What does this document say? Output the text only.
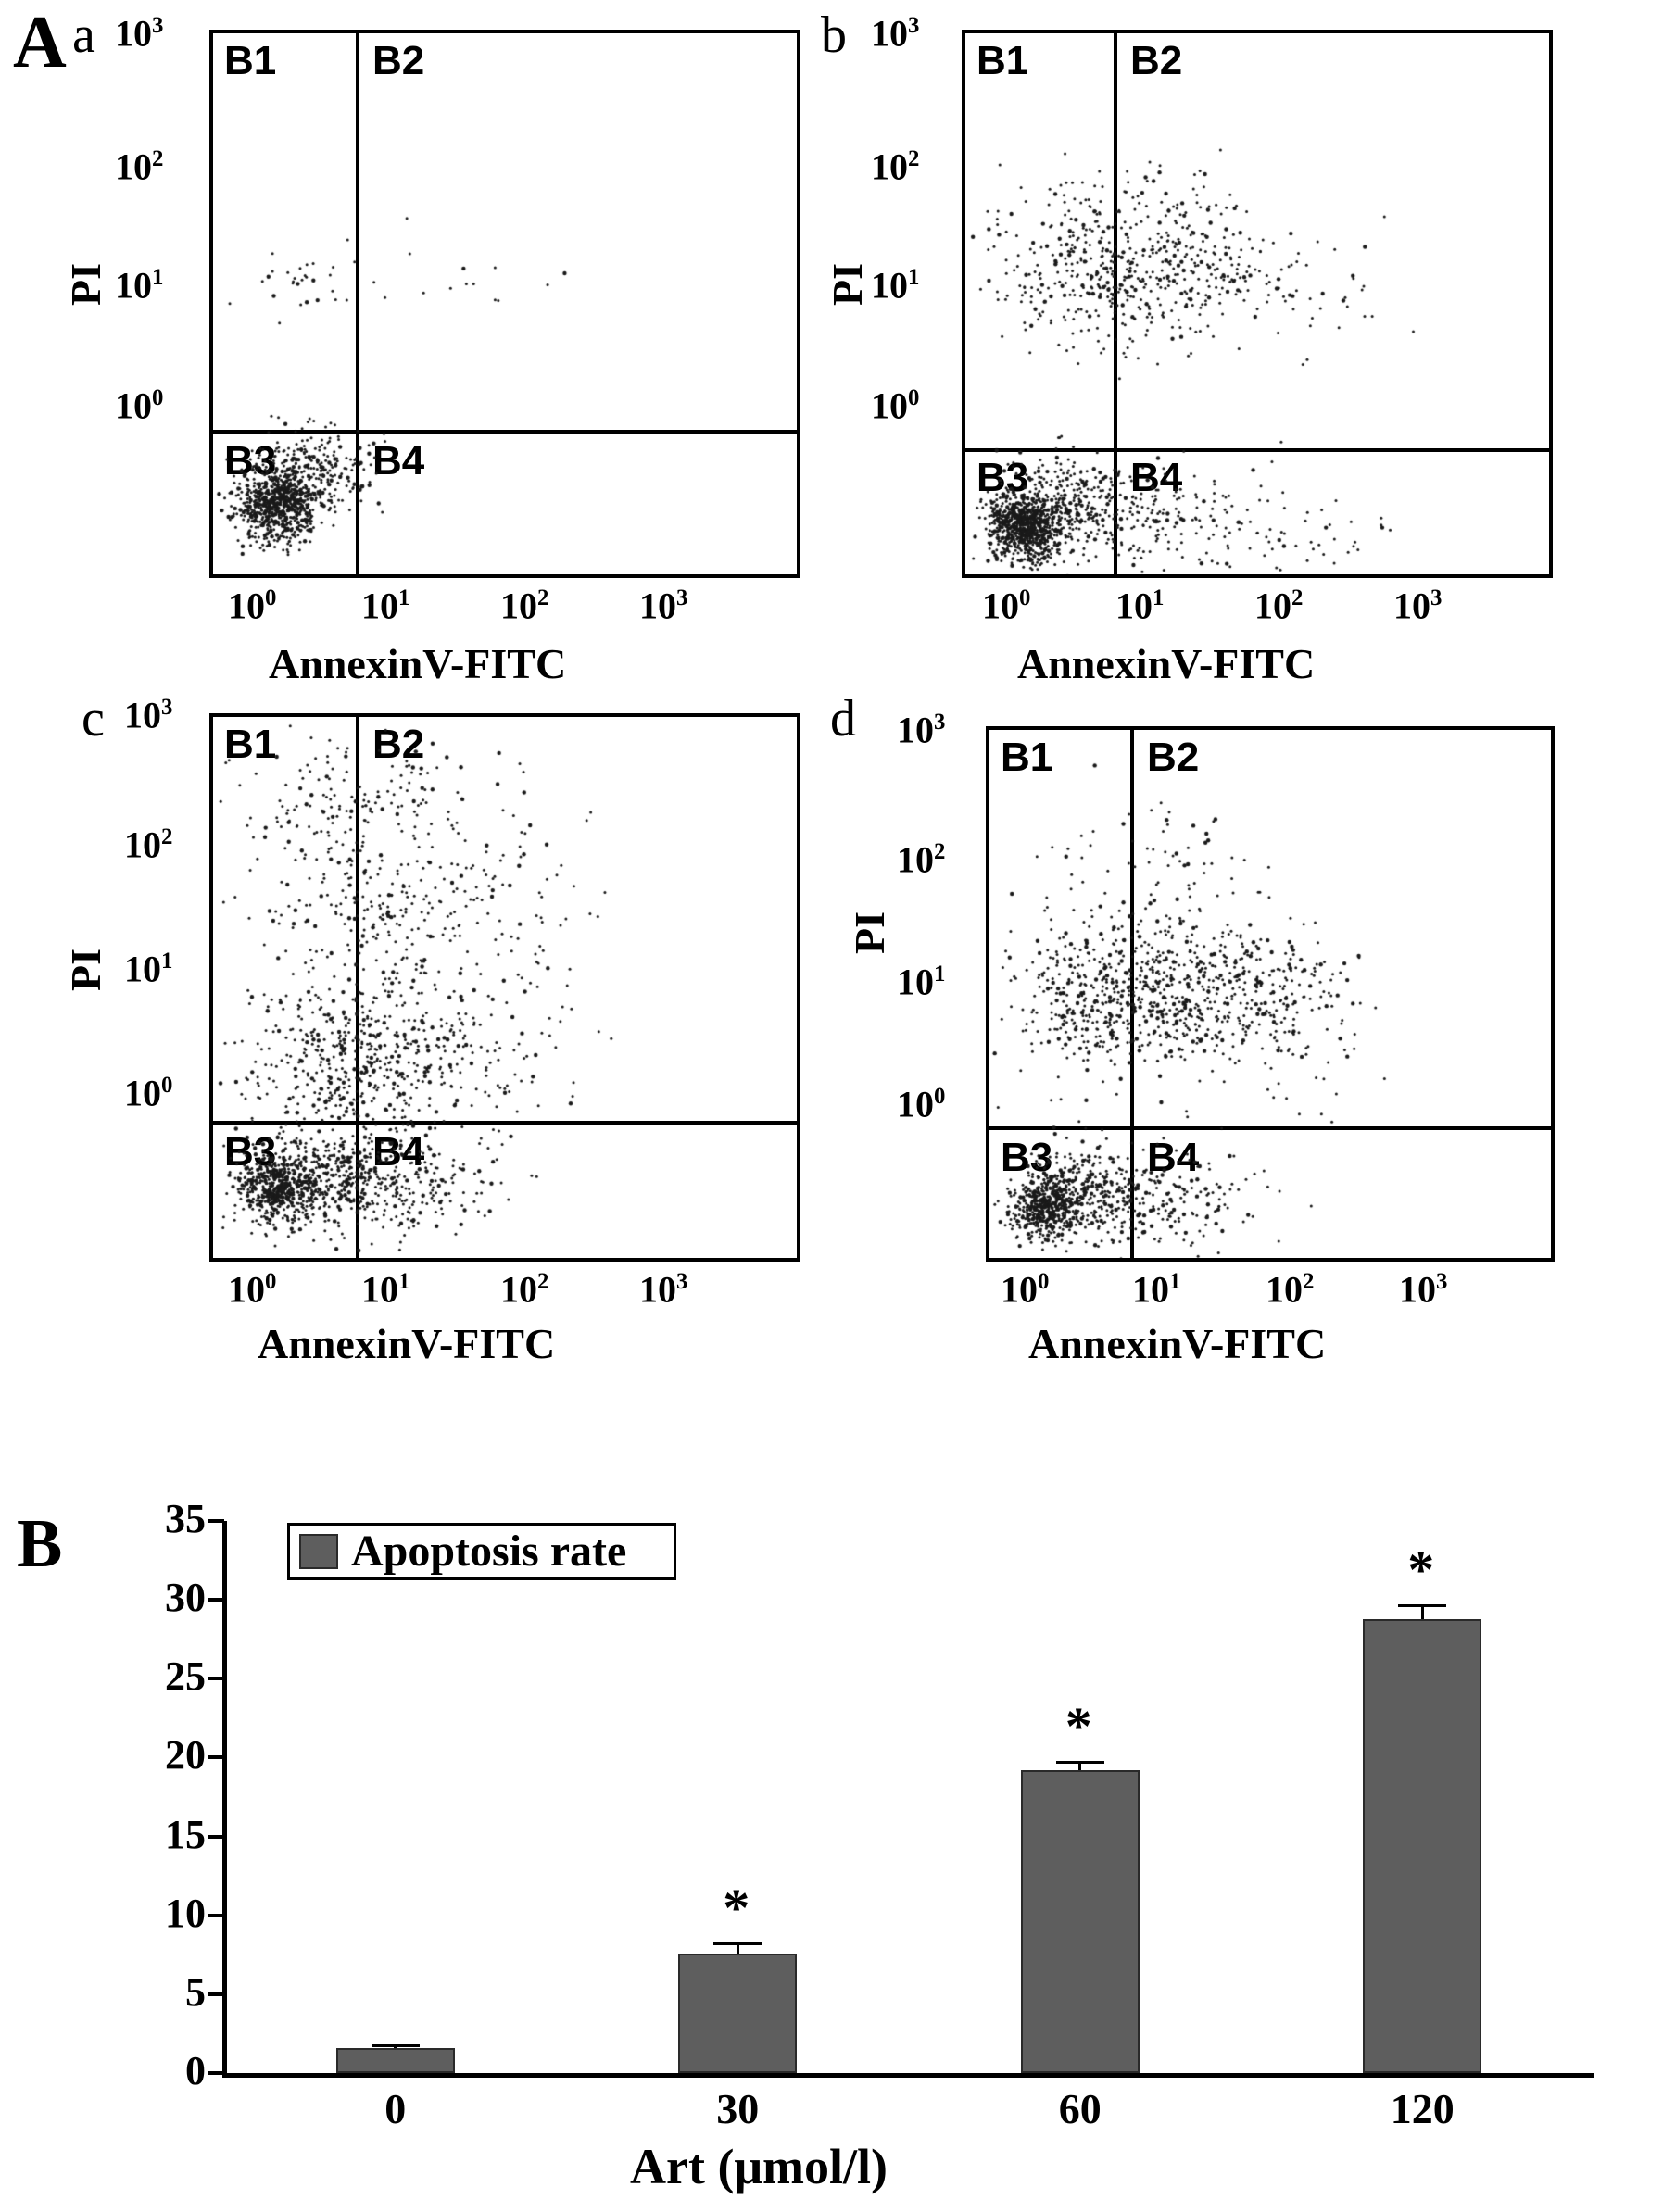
A
B
a
PI
$10^3$
$10^2$
$10^1$
$10^0$
$10^0$ $10^1$ $10^2$ $10^3$
AnnexinV-FITC
b
PI
$10^3$
$10^2$
$10^1$
$10^0$
$10^0$ $10^1$ $10^2$ $10^3$
AnnexinV-FITC
c
PI
$10^3$
$10^2$
$10^1$
$10^0$
$10^0$ $10^1$ $10^2$ $10^3$
AnnexinV-FITC
d
PI
$10^3$
$10^2$
$10^1$
$10^0$
$10^0$ $10^1$ $10^2$ $10^3$
AnnexinV-FITC
0
5
10
15
20
25
30
35
*
*
*
0	30	60	120
Apoptosis rate
Art (μmol/l)
